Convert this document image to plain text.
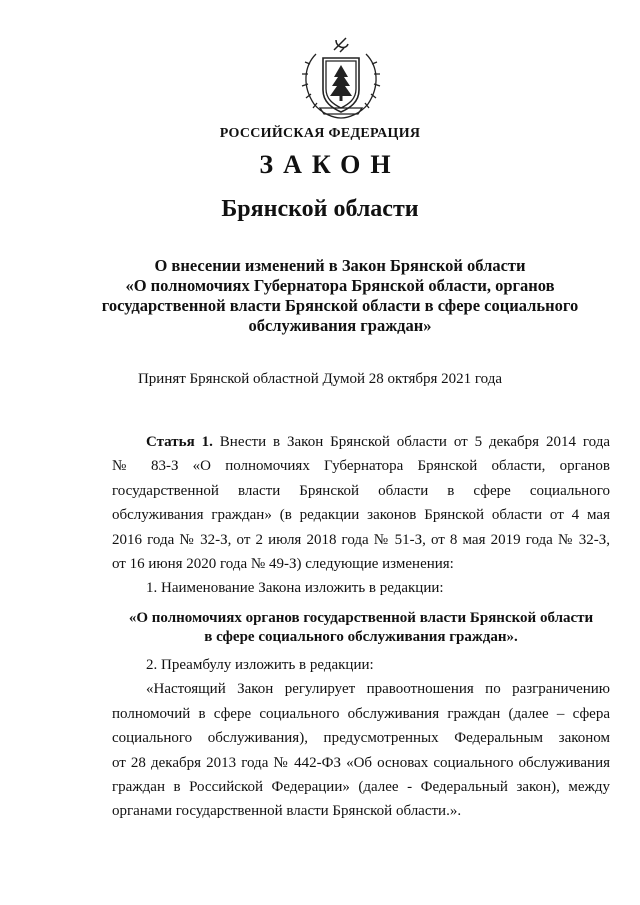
РОССИЙСКАЯ ФЕДЕРАЦИЯ
ЗАКОН
Брянской области
О внесении изменений в Закон Брянской области
«О полномочиях Губернатора Брянской области, органов
государственной власти Брянской области в сфере социального
обслуживания граждан»
Принят Брянской областной Думой 28 октября 2021 года

Статья 1. Внести в Закон Брянской области от 5 декабря 2014 года

№ 83-З «О полномочиях Губернатора Брянской области, органов

государственной власти Брянской области в сфере социального

обслуживания граждан» (в редакции законов Брянской области от 4 мая

2016 года № 32-З, от 2 июля 2018 года № 51-З, от 8 мая 2019 года № 32-З,

от 16 июня 2020 года № 49-З) следующие изменения:

1. Наименование Закона изложить в редакции:

«О полномочиях органов государственной власти Брянской области
в сфере социального обслуживания граждан».

2. Преамбулу изложить в редакции:

«Настоящий Закон регулирует правоотношения по разграничению

полномочий в сфере социального обслуживания граждан (далее – сфера

социального обслуживания), предусмотренных Федеральным законом

от 28 декабря 2013 года № 442-ФЗ «Об основах социального обслуживания

граждан в Российской Федерации» (далее - Федеральный закон), между

органами государственной власти Брянской области.».
